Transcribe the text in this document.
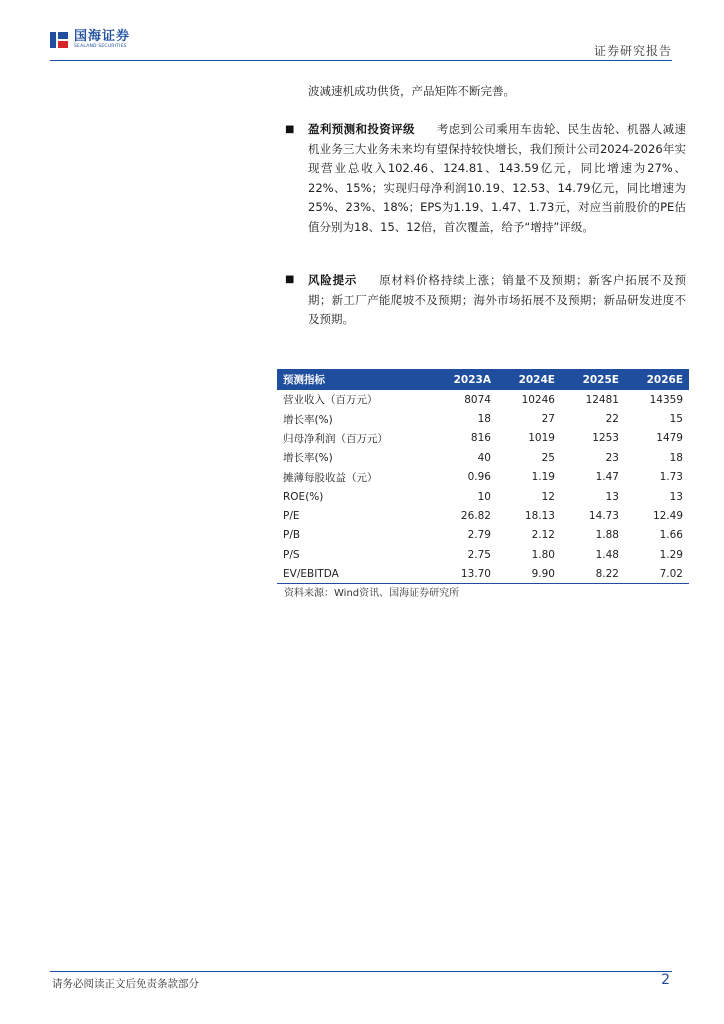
国海证券
SEALAND SECURITIES	证券研究报告

波减速机成功供货，产品矩阵不断完善。

■ 盈利预测和投资评级 考虑到公司乘用车齿轮、民生齿轮、机器人减速机业务三大业务未来均有望保持较快增长，我们预计公司2024-2026年实现营业总收入102.46、124.81、143.59亿元，同比增速为27%、22%、15%；实现归母净利润10.19、12.53、14.79亿元，同比增速为25%、23%、18%；EPS为1.19、1.47、1.73元，对应当前股价的PE估值分别为18、15、12倍，首次覆盖，给予“增持”评级。

■ 风险提示 原材料价格持续上涨；销量不及预期；新客户拓展不及预期；新工厂产能爬坡不及预期；海外市场拓展不及预期；新品研发进度不及预期。

预测指标	2023A	2024E	2025E	2026E
营业收入（百万元）	8074	10246	12481	14359
增长率(%)	18	27	22	15
归母净利润（百万元）	816	1019	1253	1479
增长率(%)	40	25	23	18
摊薄每股收益（元）	0.96	1.19	1.47	1.73
ROE(%)	10	12	13	13
P/E	26.82	18.13	14.73	12.49
P/B	2.79	2.12	1.88	1.66
P/S	2.75	1.80	1.48	1.29
EV/EBITDA	13.70	9.90	8.22	7.02
资料来源：Wind资讯、国海证券研究所
请务必阅读正文后免责条款部分	2
